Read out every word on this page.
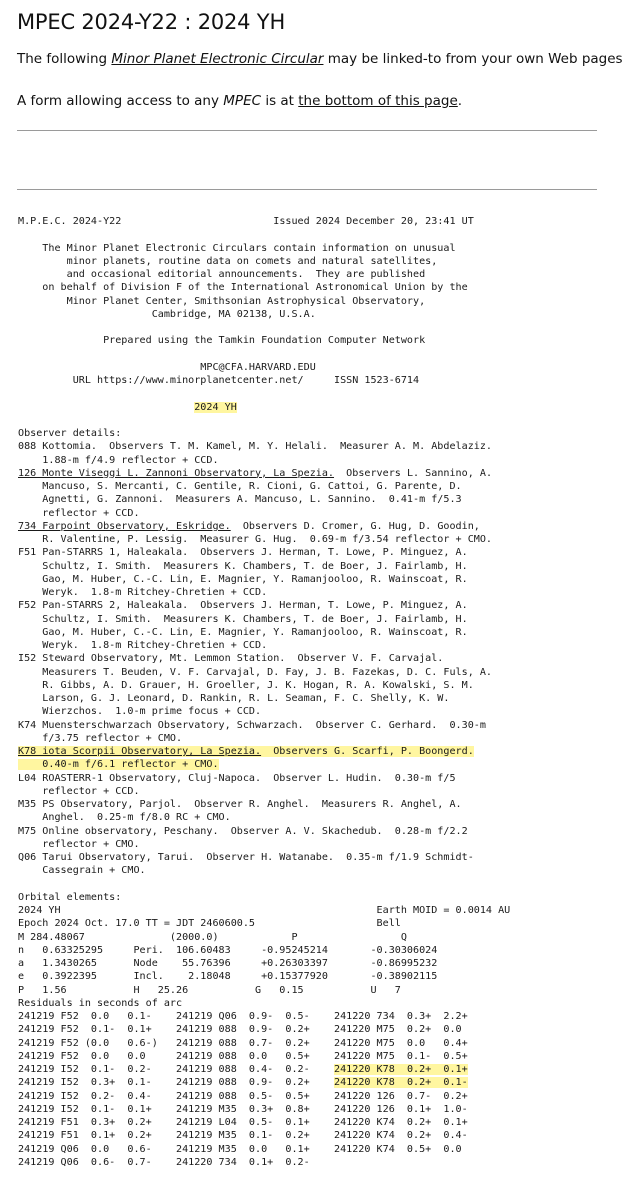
MPEC 2024-Y22 : 2024 YH

The following Minor Planet Electronic Circular may be linked-to from your own Web pages

A form allowing access to any MPEC is at the bottom of this page.

M.P.E.C. 2024-Y22	Issued 2024 December 20, 23:41 UT

The Minor Planet Electronic Circulars contain information on unusual
minor planets, routine data on comets and natural satellites,
and occasional editorial announcements.  They are published
on behalf of Division F of the International Astronomical Union by the
Minor Planet Center, Smithsonian Astrophysical Observatory,
Cambridge, MA 02138, U.S.A.

Prepared using the Tamkin Foundation Computer Network

MPC@CFA.HARVARD.EDU
URL https://www.minorplanetcenter.net/     ISSN 1523-6714

2024 YH

Observer details:
088 Kottomia.  Observers T. M. Kamel, M. Y. Helali.  Measurer A. M. Abdelaziz.
1.88-m f/4.9 reflector + CCD.
126 Monte Viseggi L. Zannoni Observatory, La Spezia.  Observers L. Sannino, A.
Mancuso, S. Mercanti, C. Gentile, R. Cioni, G. Cattoi, G. Parente, D.
Agnetti, G. Zannoni.  Measurers A. Mancuso, L. Sannino.  0.41-m f/5.3
reflector + CCD.
734 Farpoint Observatory, Eskridge.  Observers D. Cromer, G. Hug, D. Goodin,
R. Valentine, P. Lessig.  Measurer G. Hug.  0.69-m f/3.54 reflector + CMO.
F51 Pan-STARRS 1, Haleakala.  Observers J. Herman, T. Lowe, P. Minguez, A.
Schultz, I. Smith.  Measurers K. Chambers, T. de Boer, J. Fairlamb, H.
Gao, M. Huber, C.-C. Lin, E. Magnier, Y. Ramanjooloo, R. Wainscoat, R.
Weryk.  1.8-m Ritchey-Chretien + CCD.
F52 Pan-STARRS 2, Haleakala.  Observers J. Herman, T. Lowe, P. Minguez, A.
Schultz, I. Smith.  Measurers K. Chambers, T. de Boer, J. Fairlamb, H.
Gao, M. Huber, C.-C. Lin, E. Magnier, Y. Ramanjooloo, R. Wainscoat, R.
Weryk.  1.8-m Ritchey-Chretien + CCD.
I52 Steward Observatory, Mt. Lemmon Station.  Observer V. F. Carvajal.
Measurers T. Beuden, V. F. Carvajal, D. Fay, J. B. Fazekas, D. C. Fuls, A.
R. Gibbs, A. D. Grauer, H. Groeller, J. K. Hogan, R. A. Kowalski, S. M.
Larson, G. J. Leonard, D. Rankin, R. L. Seaman, F. C. Shelly, K. W.
Wierzchos.  1.0-m prime focus + CCD.
K74 Muensterschwarzach Observatory, Schwarzach.  Observer C. Gerhard.  0.30-m
f/3.75 reflector + CMO.
K78 iota Scorpii Observatory, La Spezia.  Observers G. Scarfi, P. Boongerd.
0.40-m f/6.1 reflector + CMO.
L04 ROASTERR-1 Observatory, Cluj-Napoca.  Observer L. Hudin.  0.30-m f/5
reflector + CCD.
M35 PS Observatory, Parjol.  Observer R. Anghel.  Measurers R. Anghel, A.
Anghel.  0.25-m f/8.0 RC + CMO.
M75 Online observatory, Peschany.  Observer A. V. Skachedub.  0.28-m f/2.2
reflector + CMO.
Q06 Tarui Observatory, Tarui.  Observer H. Watanabe.  0.35-m f/1.9 Schmidt-
Cassegrain + CMO.

Orbital elements:
2024 YH                                                    Earth MOID = 0.0014 AU
Epoch 2024 Oct. 17.0 TT = JDT 2460600.5                    Bell
M 284.48067              (2000.0)            P                 Q
n   0.63325295     Peri.  106.60483     -0.95245214       -0.30306024
a   1.3430265      Node    55.76396     +0.26303397       -0.86995232
e   0.3922395      Incl.    2.18048     +0.15377920       -0.38902115
P   1.56           H   25.26           G   0.15           U   7
Residuals in seconds of arc
241219 F52  0.0   0.1-    241219 Q06  0.9-  0.5-    241220 734  0.3+  2.2+
241219 F52  0.1-  0.1+    241219 088  0.9-  0.2+    241220 M75  0.2+  0.0
241219 F52 (0.0   0.6-)   241219 088  0.7-  0.2+    241220 M75  0.0   0.4+
241219 F52  0.0   0.0     241219 088  0.0   0.5+    241220 M75  0.1-  0.5+
241219 I52  0.1-  0.2-    241219 088  0.4-  0.2-    241220 K78  0.2+  0.1+
241219 I52  0.3+  0.1-    241219 088  0.9-  0.2+    241220 K78  0.2+  0.1-
241219 I52  0.2-  0.4-    241219 088  0.5-  0.5+    241220 126  0.7-  0.2+
241219 I52  0.1-  0.1+    241219 M35  0.3+  0.8+    241220 126  0.1+  1.0-
241219 F51  0.3+  0.2+    241219 L04  0.5-  0.1+    241220 K74  0.2+  0.1+
241219 F51  0.1+  0.2+    241219 M35  0.1-  0.2+    241220 K74  0.2+  0.4-
241219 Q06  0.0   0.6-    241219 M35  0.0   0.1+    241220 K74  0.5+  0.0
241219 Q06  0.6-  0.7-    241220 734  0.1+  0.2-
